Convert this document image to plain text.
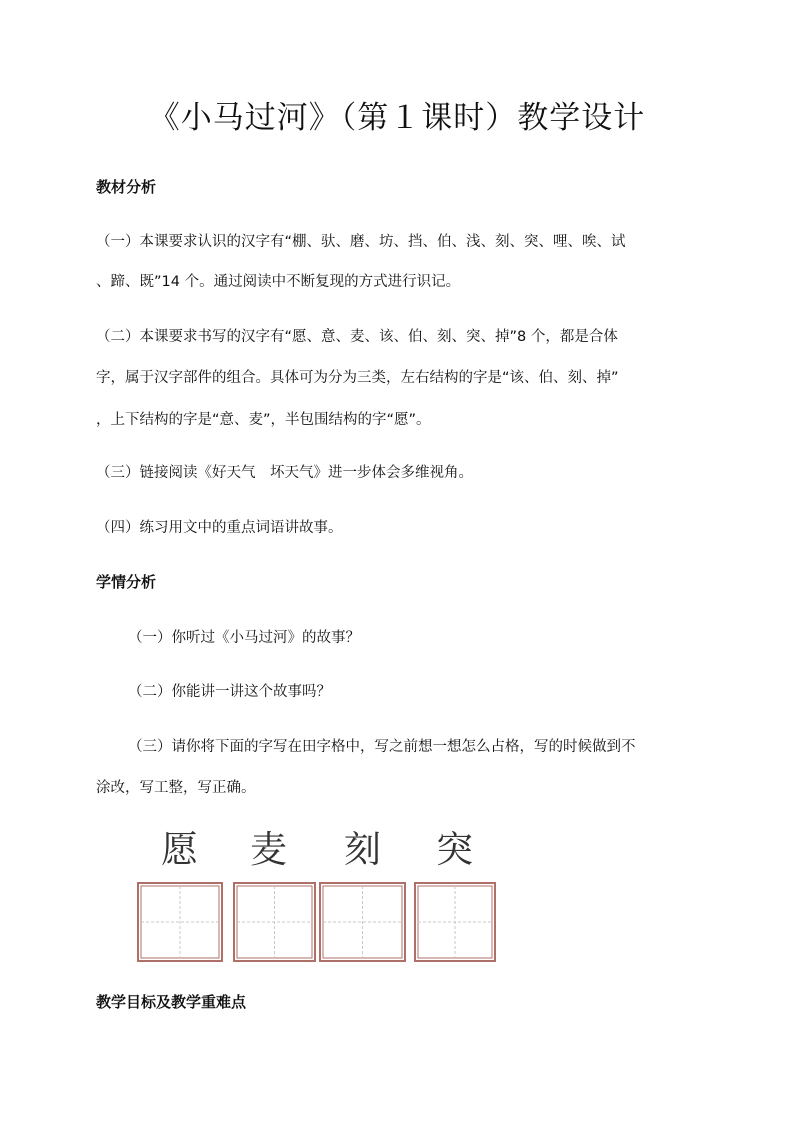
《小马过河》（第１课时）教学设计
教材分析
（一）本课要求认识的汉字有“棚、驮、磨、坊、挡、伯、浅、刻、突、哩、唉、试
、蹄、既”14 个。通过阅读中不断复现的方式进行识记。
（二）本课要求书写的汉字有“愿、意、麦、该、伯、刻、突、掉”8 个，都是合体
字，属于汉字部件的组合。具体可为分为三类，左右结构的字是“该、伯、刻、掉”
，上下结构的字是“意、麦”，半包围结构的字“愿”。
（三）链接阅读《好天气　坏天气》进一步体会多维视角。
（四）练习用文中的重点词语讲故事。
学情分析
（一）你听过《小马过河》的故事？
（二）你能讲一讲这个故事吗？
（三）请你将下面的字写在田字格中，写之前想一想怎么占格，写的时候做到不
涂改，写工整，写正确。
愿 麦 刻 突
教学目标及教学重难点
